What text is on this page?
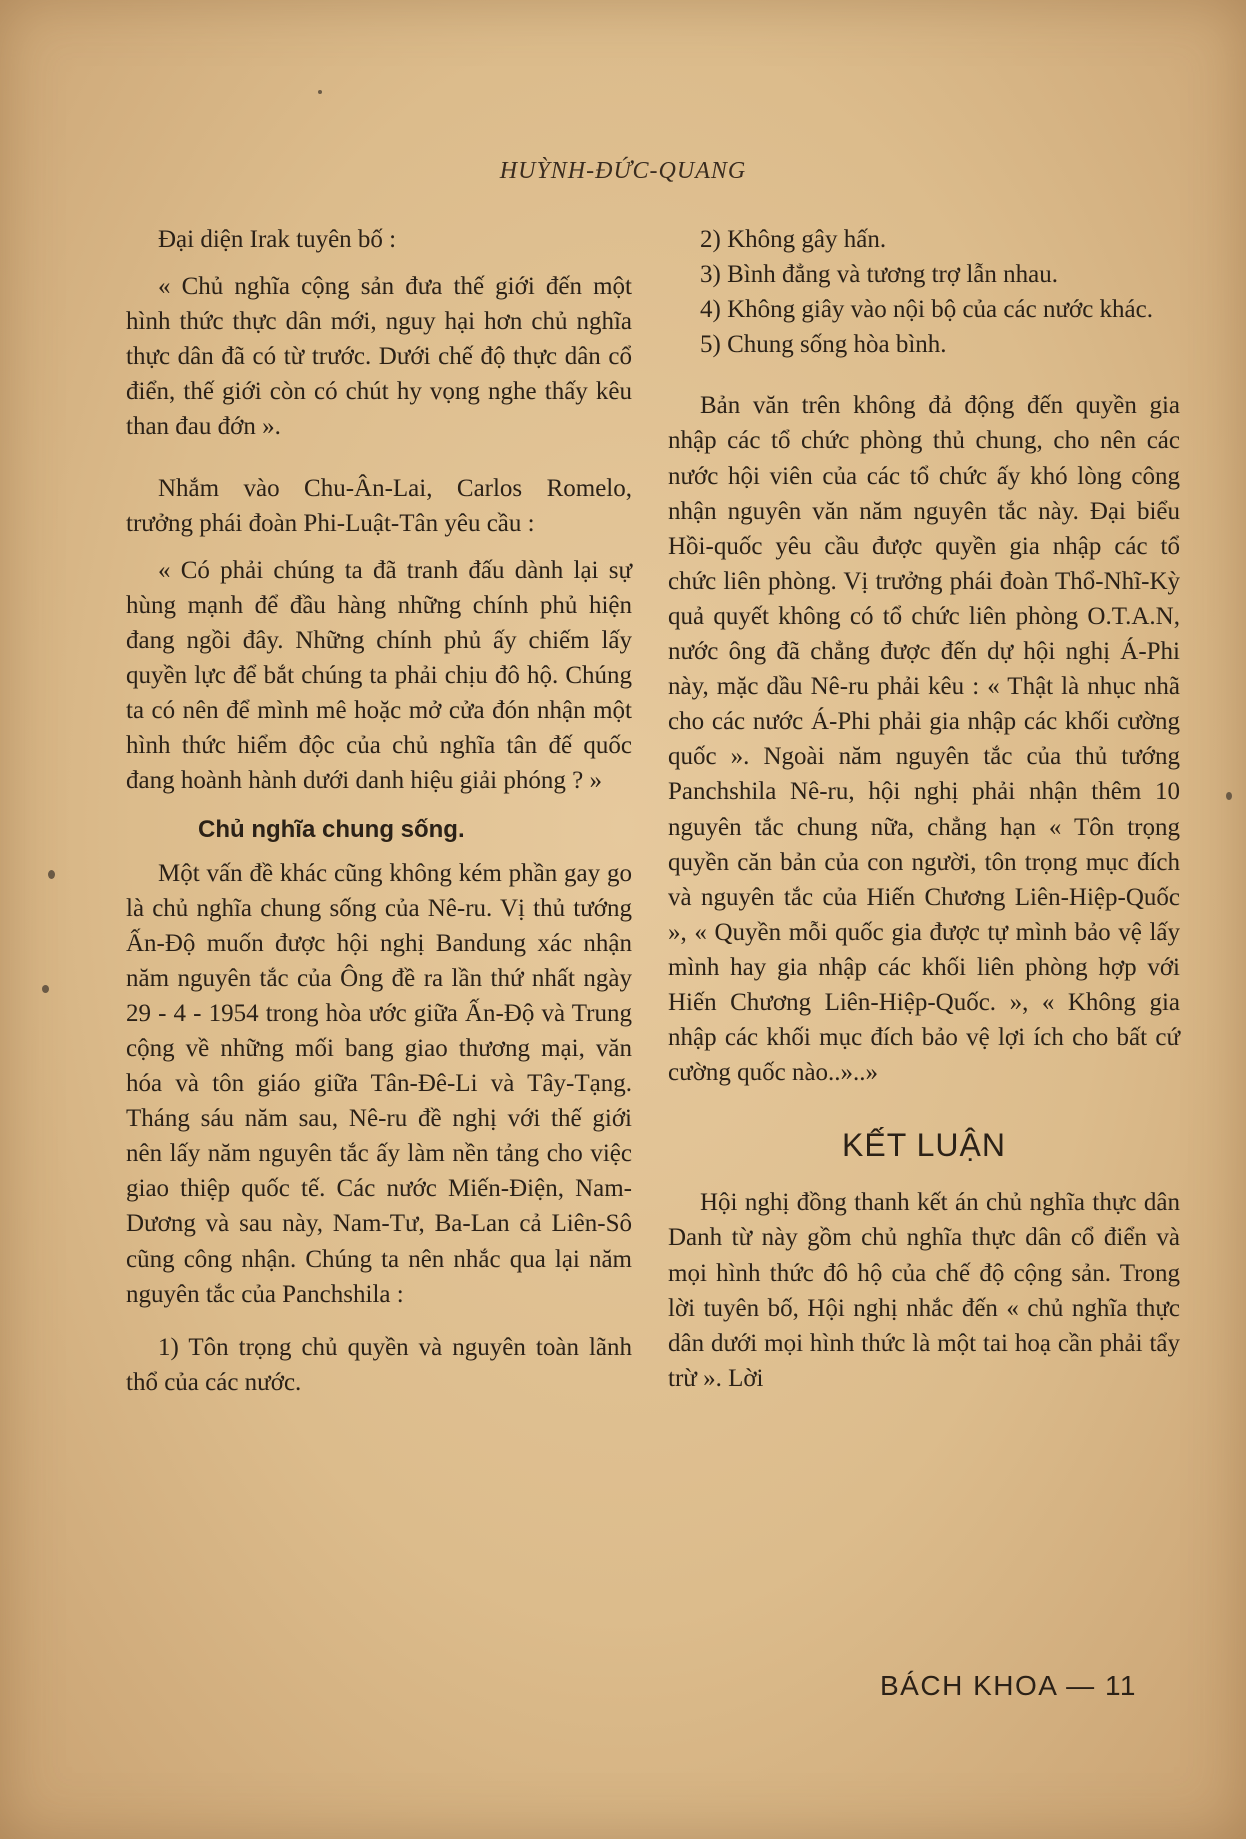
HUỲNH-ĐỨC-QUANG

Đại diện Irak tuyên bố :

« Chủ nghĩa cộng sản đưa thế giới đến một hình thức thực dân mới, nguy hại hơn chủ nghĩa thực dân đã có từ trước. Dưới chế độ thực dân cổ điển, thế giới còn có chút hy vọng nghe thấy kêu than đau đớn ».

Nhắm vào Chu-Ân-Lai, Carlos Romelo, trưởng phái đoàn Phi-Luật-Tân yêu cầu :

« Có phải chúng ta đã tranh đấu dành lại sự hùng mạnh để đầu hàng những chính phủ hiện đang ngồi đây. Những chính phủ ấy chiếm lấy quyền lực để bắt chúng ta phải chịu đô hộ. Chúng ta có nên để mình mê hoặc mở cửa đón nhận một hình thức hiểm độc của chủ nghĩa tân đế quốc đang hoành hành dưới danh hiệu giải phóng ? »

Chủ nghĩa chung sống.

Một vấn đề khác cũng không kém phần gay go là chủ nghĩa chung sống của Nê-ru. Vị thủ tướng Ấn-Độ muốn được hội nghị Bandung xác nhận năm nguyên tắc của Ông đề ra lần thứ nhất ngày 29 - 4 - 1954 trong hòa ước giữa Ấn-Độ và Trung cộng về những mối bang giao thương mại, văn hóa và tôn giáo giữa Tân-Đê-Li và Tây-Tạng. Tháng sáu năm sau, Nê-ru đề nghị với thế giới nên lấy năm nguyên tắc ấy làm nền tảng cho việc giao thiệp quốc tế. Các nước Miến-Điện, Nam-Dương và sau này, Nam-Tư, Ba-Lan cả Liên-Sô cũng công nhận. Chúng ta nên nhắc qua lại năm nguyên tắc của Panchshila :

1) Tôn trọng chủ quyền và nguyên toàn lãnh thổ của các nước.

2) Không gây hấn.

3) Bình đẳng và tương trợ lẫn nhau.

4) Không giây vào nội bộ của các nước khác.

5) Chung sống hòa bình.

Bản văn trên không đả động đến quyền gia nhập các tổ chức phòng thủ chung, cho nên các nước hội viên của các tổ chức ấy khó lòng công nhận nguyên văn năm nguyên tắc này. Đại biểu Hồi-quốc yêu cầu được quyền gia nhập các tổ chức liên phòng. Vị trưởng phái đoàn Thổ-Nhĩ-Kỳ quả quyết không có tổ chức liên phòng O.T.A.N, nước ông đã chẳng được đến dự hội nghị Á-Phi này, mặc dầu Nê-ru phải kêu : « Thật là nhục nhã cho các nước Á-Phi phải gia nhập các khối cường quốc ». Ngoài năm nguyên tắc của thủ tướng Panchshila Nê-ru, hội nghị phải nhận thêm 10 nguyên tắc chung nữa, chẳng hạn « Tôn trọng quyền căn bản của con người, tôn trọng mục đích và nguyên tắc của Hiến Chương Liên-Hiệp-Quốc », « Quyền mỗi quốc gia được tự mình bảo vệ lấy mình hay gia nhập các khối liên phòng hợp với Hiến Chương Liên-Hiệp-Quốc. », « Không gia nhập các khối mục đích bảo vệ lợi ích cho bất cứ cường quốc nào..»..»

KẾT LUẬN

Hội nghị đồng thanh kết án chủ nghĩa thực dân Danh từ này gồm chủ nghĩa thực dân cổ điển và mọi hình thức đô hộ của chế độ cộng sản. Trong lời tuyên bố, Hội nghị nhắc đến « chủ nghĩa thực dân dưới mọi hình thức là một tai hoạ cần phải tẩy trừ ». Lời

BÁCH KHOA — 11
